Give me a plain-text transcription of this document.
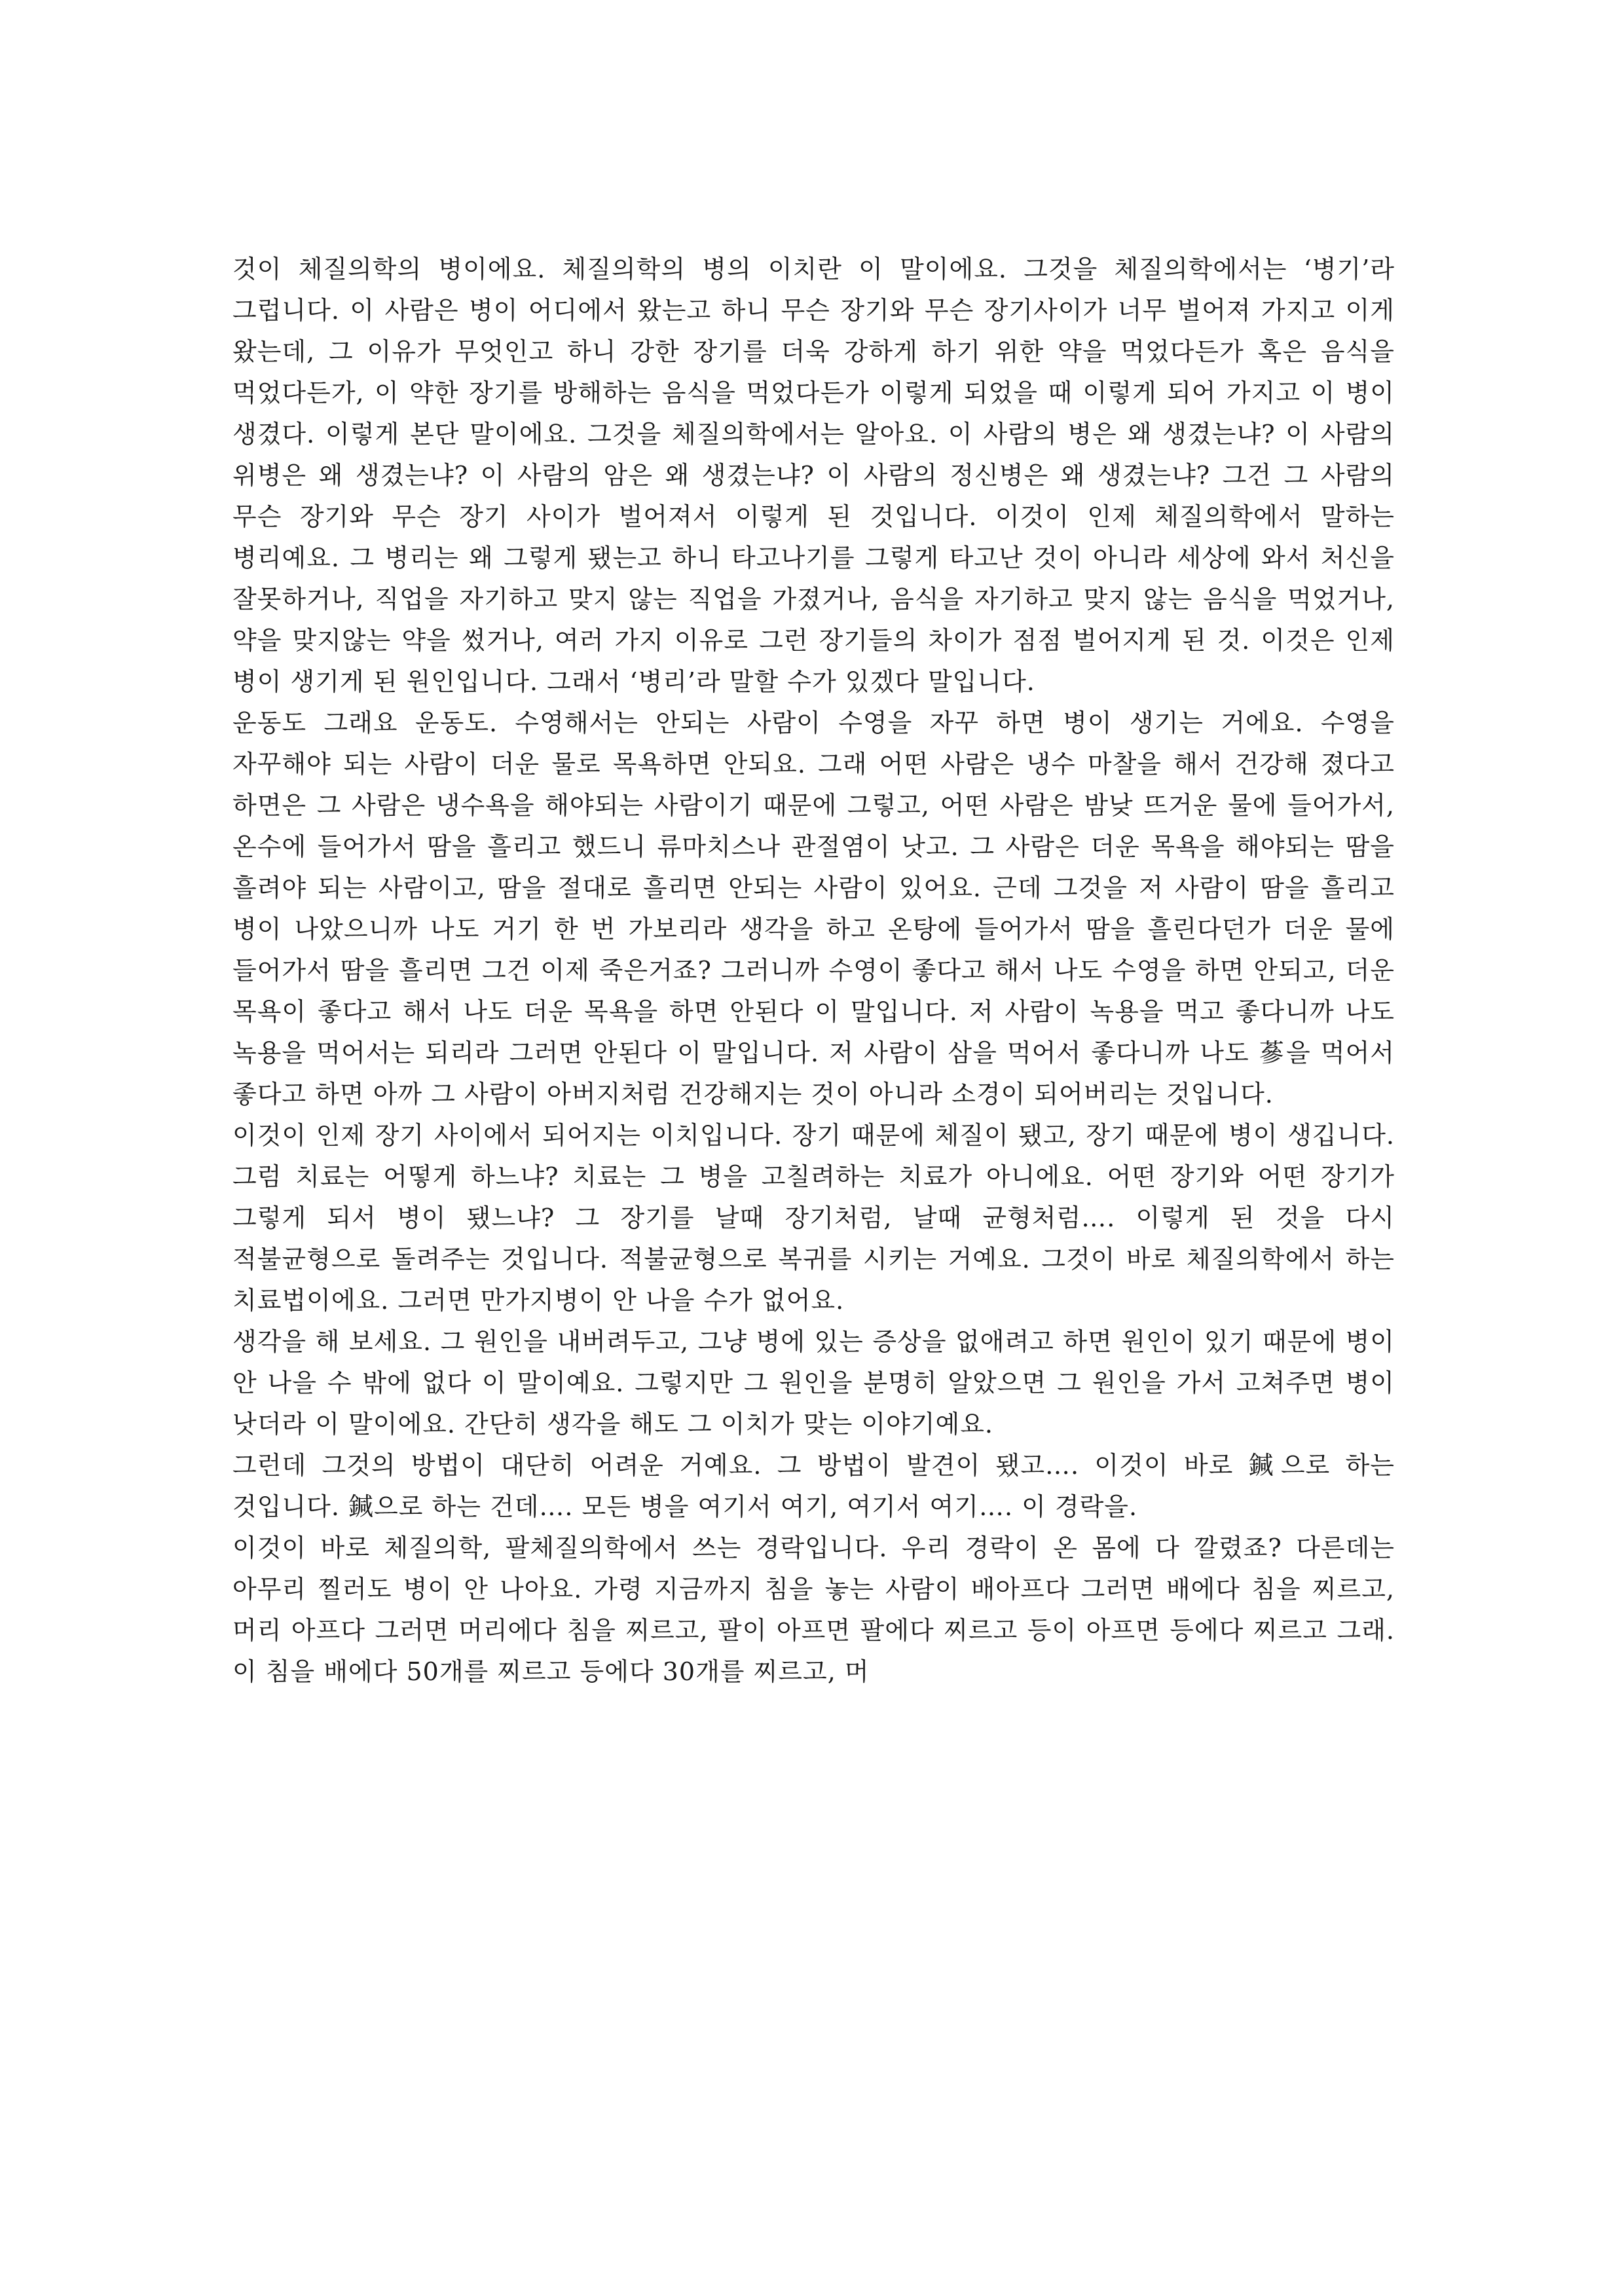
것이 체질의학의 병이에요. 체질의학의 병의 이치란 이 말이에요. 그것을 체질의학에서는 ‘병기’라 그럽니다. 이 사람은 병이 어디에서 왔는고 하니 무슨 장기와 무슨 장기사이가 너무 벌어져 가지고 이게 왔는데, 그 이유가 무엇인고 하니 강한 장기를 더욱 강하게 하기 위한 약을 먹었다든가 혹은 음식을 먹었다든가, 이 약한 장기를 방해하는 음식을 먹었다든가 이렇게 되었을 때 이렇게 되어 가지고 이 병이 생겼다. 이렇게 본단 말이에요. 그것을 체질의학에서는 알아요. 이 사람의 병은 왜 생겼는냐? 이 사람의 위병은 왜 생겼는냐? 이 사람의 암은 왜 생겼는냐? 이 사람의 정신병은 왜 생겼는냐? 그건 그 사람의 무슨 장기와 무슨 장기 사이가 벌어져서 이렇게 된 것입니다. 이것이 인제 체질의학에서 말하는 병리예요. 그 병리는 왜 그렇게 됐는고 하니 타고나기를 그렇게 타고난 것이 아니라 세상에 와서 처신을 잘못하거나, 직업을 자기하고 맞지 않는 직업을 가졌거나, 음식을 자기하고 맞지 않는 음식을 먹었거나, 약을 맞지않는 약을 썼거나, 여러 가지 이유로 그런 장기들의 차이가 점점 벌어지게 된 것. 이것은 인제 병이 생기게 된 원인입니다. 그래서 ‘병리’라 말할 수가 있겠다 말입니다.

운동도 그래요 운동도. 수영해서는 안되는 사람이 수영을 자꾸 하면 병이 생기는 거에요. 수영을 자꾸해야 되는 사람이 더운 물로 목욕하면 안되요. 그래 어떤 사람은 냉수 마찰을 해서 건강해 졌다고 하면은 그 사람은 냉수욕을 해야되는 사람이기 때문에 그렇고, 어떤 사람은 밤낮 뜨거운 물에 들어가서, 온수에 들어가서 땀을 흘리고 했드니 류마치스나 관절염이 낫고. 그 사람은 더운 목욕을 해야되는 땀을 흘려야 되는 사람이고, 땀을 절대로 흘리면 안되는 사람이 있어요. 근데 그것을 저 사람이 땀을 흘리고 병이 나았으니까 나도 거기 한 번 가보리라 생각을 하고 온탕에 들어가서 땀을 흘린다던가 더운 물에 들어가서 땀을 흘리면 그건 이제 죽은거죠? 그러니까 수영이 좋다고 해서 나도 수영을 하면 안되고, 더운 목욕이 좋다고 해서 나도 더운 목욕을 하면 안된다 이 말입니다. 저 사람이 녹용을 먹고 좋다니까 나도 녹용을 먹어서는 되리라 그러면 안된다 이 말입니다. 저 사람이 삼을 먹어서 좋다니까 나도 蔘을 먹어서 좋다고 하면 아까 그 사람이 아버지처럼 건강해지는 것이 아니라 소경이 되어버리는 것입니다.

이것이 인제 장기 사이에서 되어지는 이치입니다. 장기 때문에 체질이 됐고, 장기 때문에 병이 생깁니다. 그럼 치료는 어떻게 하느냐? 치료는 그 병을 고칠려하는 치료가 아니에요. 어떤 장기와 어떤 장기가 그렇게 되서 병이 됐느냐? 그 장기를 날때 장기처럼, 날때 균형처럼…. 이렇게 된 것을 다시 적불균형으로 돌려주는 것입니다. 적불균형으로 복귀를 시키는 거예요. 그것이 바로 체질의학에서 하는 치료법이에요. 그러면 만가지병이 안 나을 수가 없어요.

생각을 해 보세요. 그 원인을 내버려두고, 그냥 병에 있는 증상을 없애려고 하면 원인이 있기 때문에 병이 안 나을 수 밖에 없다 이 말이예요. 그렇지만 그 원인을 분명히 알았으면 그 원인을 가서 고쳐주면 병이 낫더라 이 말이에요. 간단히 생각을 해도 그 이치가 맞는 이야기예요.

그런데 그것의 방법이 대단히 어려운 거예요. 그 방법이 발견이 됐고…. 이것이 바로 鍼으로 하는 것입니다. 鍼으로 하는 건데…. 모든 병을 여기서 여기, 여기서 여기…. 이 경락을.

이것이 바로 체질의학, 팔체질의학에서 쓰는 경락입니다. 우리 경락이 온 몸에 다 깔렸죠? 다른데는 아무리 찔러도 병이 안 나아요. 가령 지금까지 침을 놓는 사람이 배아프다 그러면 배에다 침을 찌르고, 머리 아프다 그러면 머리에다 침을 찌르고, 팔이 아프면 팔에다 찌르고 등이 아프면 등에다 찌르고 그래. 이 침을 배에다 50개를 찌르고 등에다 30개를 찌르고, 머
